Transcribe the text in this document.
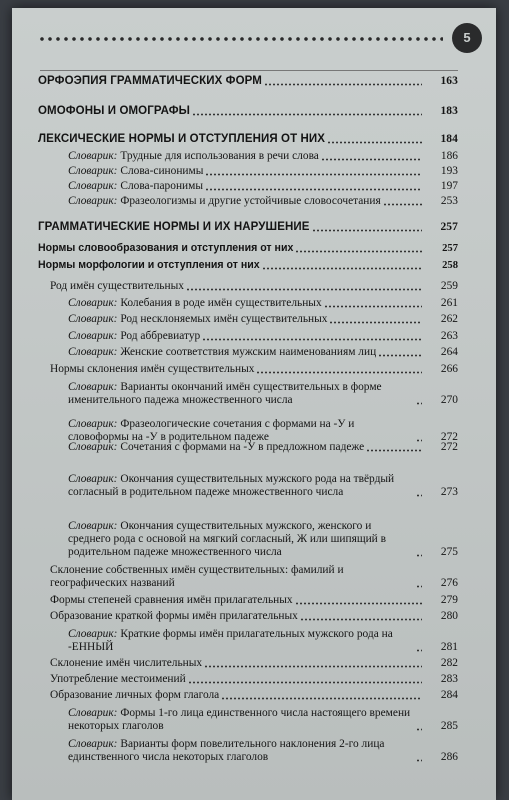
5
ОРФОЭПИЯ ГРАММАТИЧЕСКИХ ФОРМ	163
ОМОФОНЫ И ОМОГРАФЫ	183
ЛЕКСИЧЕСКИЕ НОРМЫ И ОТСТУПЛЕНИЯ ОТ НИХ	184
Словарик: Трудные для использования в речи слова	186
Словарик: Слова-синонимы	193
Словарик: Слова-паронимы	197
Словарик: Фразеологизмы и другие устойчивые словосочетания	253
ГРАММАТИЧЕСКИЕ НОРМЫ И ИХ НАРУШЕНИЕ	257
Нормы словообразования и отступления от них	257
Нормы морфологии и отступления от них	258
Род имён существительных	259
Словарик: Колебания в роде имён существительных	261
Словарик: Род несклоняемых имён существительных	262
Словарик: Род аббревиатур	263
Словарик: Женские соответствия мужским наименованиям лиц	264
Нормы склонения имён существительных	266
Словарик: Варианты окончаний имён существительных в форме именительного падежа множественного числа	270
Словарик: Фразеологические сочетания с формами на -У и словоформы на -У в родительном падеже	272
Словарик: Сочетания с формами на -У в предложном падеже	272
Словарик: Окончания существительных мужского рода на твёрдый согласный в родительном падеже множественного числа	273
Словарик: Окончания существительных мужского, женского и среднего рода с основой на мягкий согласный, Ж или шипящий в родительном падеже множественного числа	275
Склонение собственных имён существительных: фамилий и географических названий	276
Формы степеней сравнения имён прилагательных	279
Образование краткой формы имён прилагательных	280
Словарик: Краткие формы имён прилагательных мужского рода на -ЕННЫЙ	281
Склонение имён числительных	282
Употребление местоимений	283
Образование личных форм глагола	284
Словарик: Формы 1-го лица единственного числа настоящего времени некоторых глаголов	285
Словарик: Варианты форм повелительного наклонения 2-го лица единственного числа некоторых глаголов	286
